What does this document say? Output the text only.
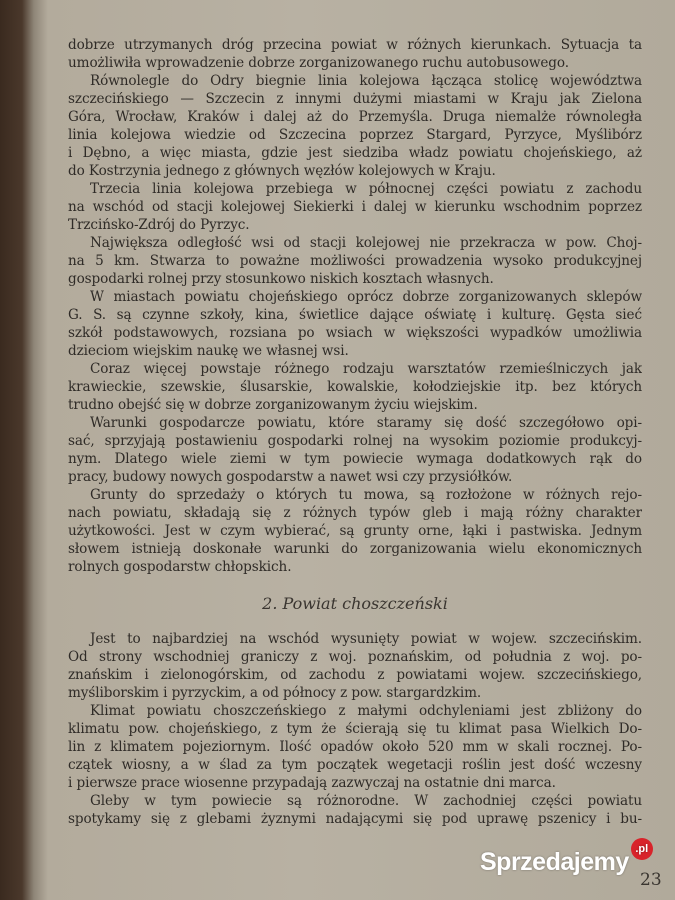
dobrze utrzymanych dróg przecina powiat w różnych kierunkach. Sytuacja ta
umożliwiła wprowadzenie dobrze zorganizowanego ruchu autobusowego.
Równolegle do Odry biegnie linia kolejowa łącząca stolicę województwa
szczecińskiego — Szczecin z innymi dużymi miastami w Kraju jak Zielona
Góra, Wrocław, Kraków i dalej aż do Przemyśla. Druga niemalże równoległa
linia kolejowa wiedzie od Szczecina poprzez Stargard, Pyrzyce, Myślibórz
i Dębno, a więc miasta, gdzie jest siedziba władz powiatu chojeńskiego, aż
do Kostrzynia jednego z głównych węzłów kolejowych w Kraju.
Trzecia linia kolejowa przebiega w północnej części powiatu z zachodu
na wschód od stacji kolejowej Siekierki i dalej w kierunku wschodnim poprzez
Trzcińsko-Zdrój do Pyrzyc.
Największa odległość wsi od stacji kolejowej nie przekracza w pow. Choj-
na 5 km. Stwarza to poważne możliwości prowadzenia wysoko produkcyjnej
gospodarki rolnej przy stosunkowo niskich kosztach własnych.
W miastach powiatu chojeńskiego oprócz dobrze zorganizowanych sklepów
G. S. są czynne szkoły, kina, świetlice dające oświatę i kulturę. Gęsta sieć
szkół podstawowych, rozsiana po wsiach w większości wypadków umożliwia
dzieciom wiejskim naukę we własnej wsi.
Coraz więcej powstaje różnego rodzaju warsztatów rzemieślniczych jak
krawieckie, szewskie, ślusarskie, kowalskie, kołodziejskie itp. bez których
trudno obejść się w dobrze zorganizowanym życiu wiejskim.
Warunki gospodarcze powiatu, które staramy się dość szczegółowo opi-
sać, sprzyjają postawieniu gospodarki rolnej na wysokim poziomie produkcyj-
nym. Dlatego wiele ziemi w tym powiecie wymaga dodatkowych rąk do
pracy, budowy nowych gospodarstw a nawet wsi czy przysiółków.
Grunty do sprzedaży o których tu mowa, są rozłożone w różnych rejo-
nach powiatu, składają się z różnych typów gleb i mają różny charakter
użytkowości. Jest w czym wybierać, są grunty orne, łąki i pastwiska. Jednym
słowem istnieją doskonałe warunki do zorganizowania wielu ekonomicznych
rolnych gospodarstw chłopskich.
2. Powiat choszczeński
Jest to najbardziej na wschód wysunięty powiat w wojew. szczecińskim.
Od strony wschodniej graniczy z woj. poznańskim, od południa z woj. po-
znańskim i zielonogórskim, od zachodu z powiatami wojew. szczecińskiego,
myśliborskim i pyrzyckim, a od północy z pow. stargardzkim.
Klimat powiatu choszczeńskiego z małymi odchyleniami jest zbliżony do
klimatu pow. chojeńskiego, z tym że ścierają się tu klimat pasa Wielkich Do-
lin z klimatem pojeziornym. Ilość opadów około 520 mm w skali rocznej. Po-
czątek wiosny, a w ślad za tym początek wegetacji roślin jest dość wczesny
i pierwsze prace wiosenne przypadają zazwyczaj na ostatnie dni marca.
Gleby w tym powiecie są różnorodne. W zachodniej części powiatu
spotykamy się z glebami żyznymi nadającymi się pod uprawę pszenicy i bu-
Sprzedajemy .pl
23
